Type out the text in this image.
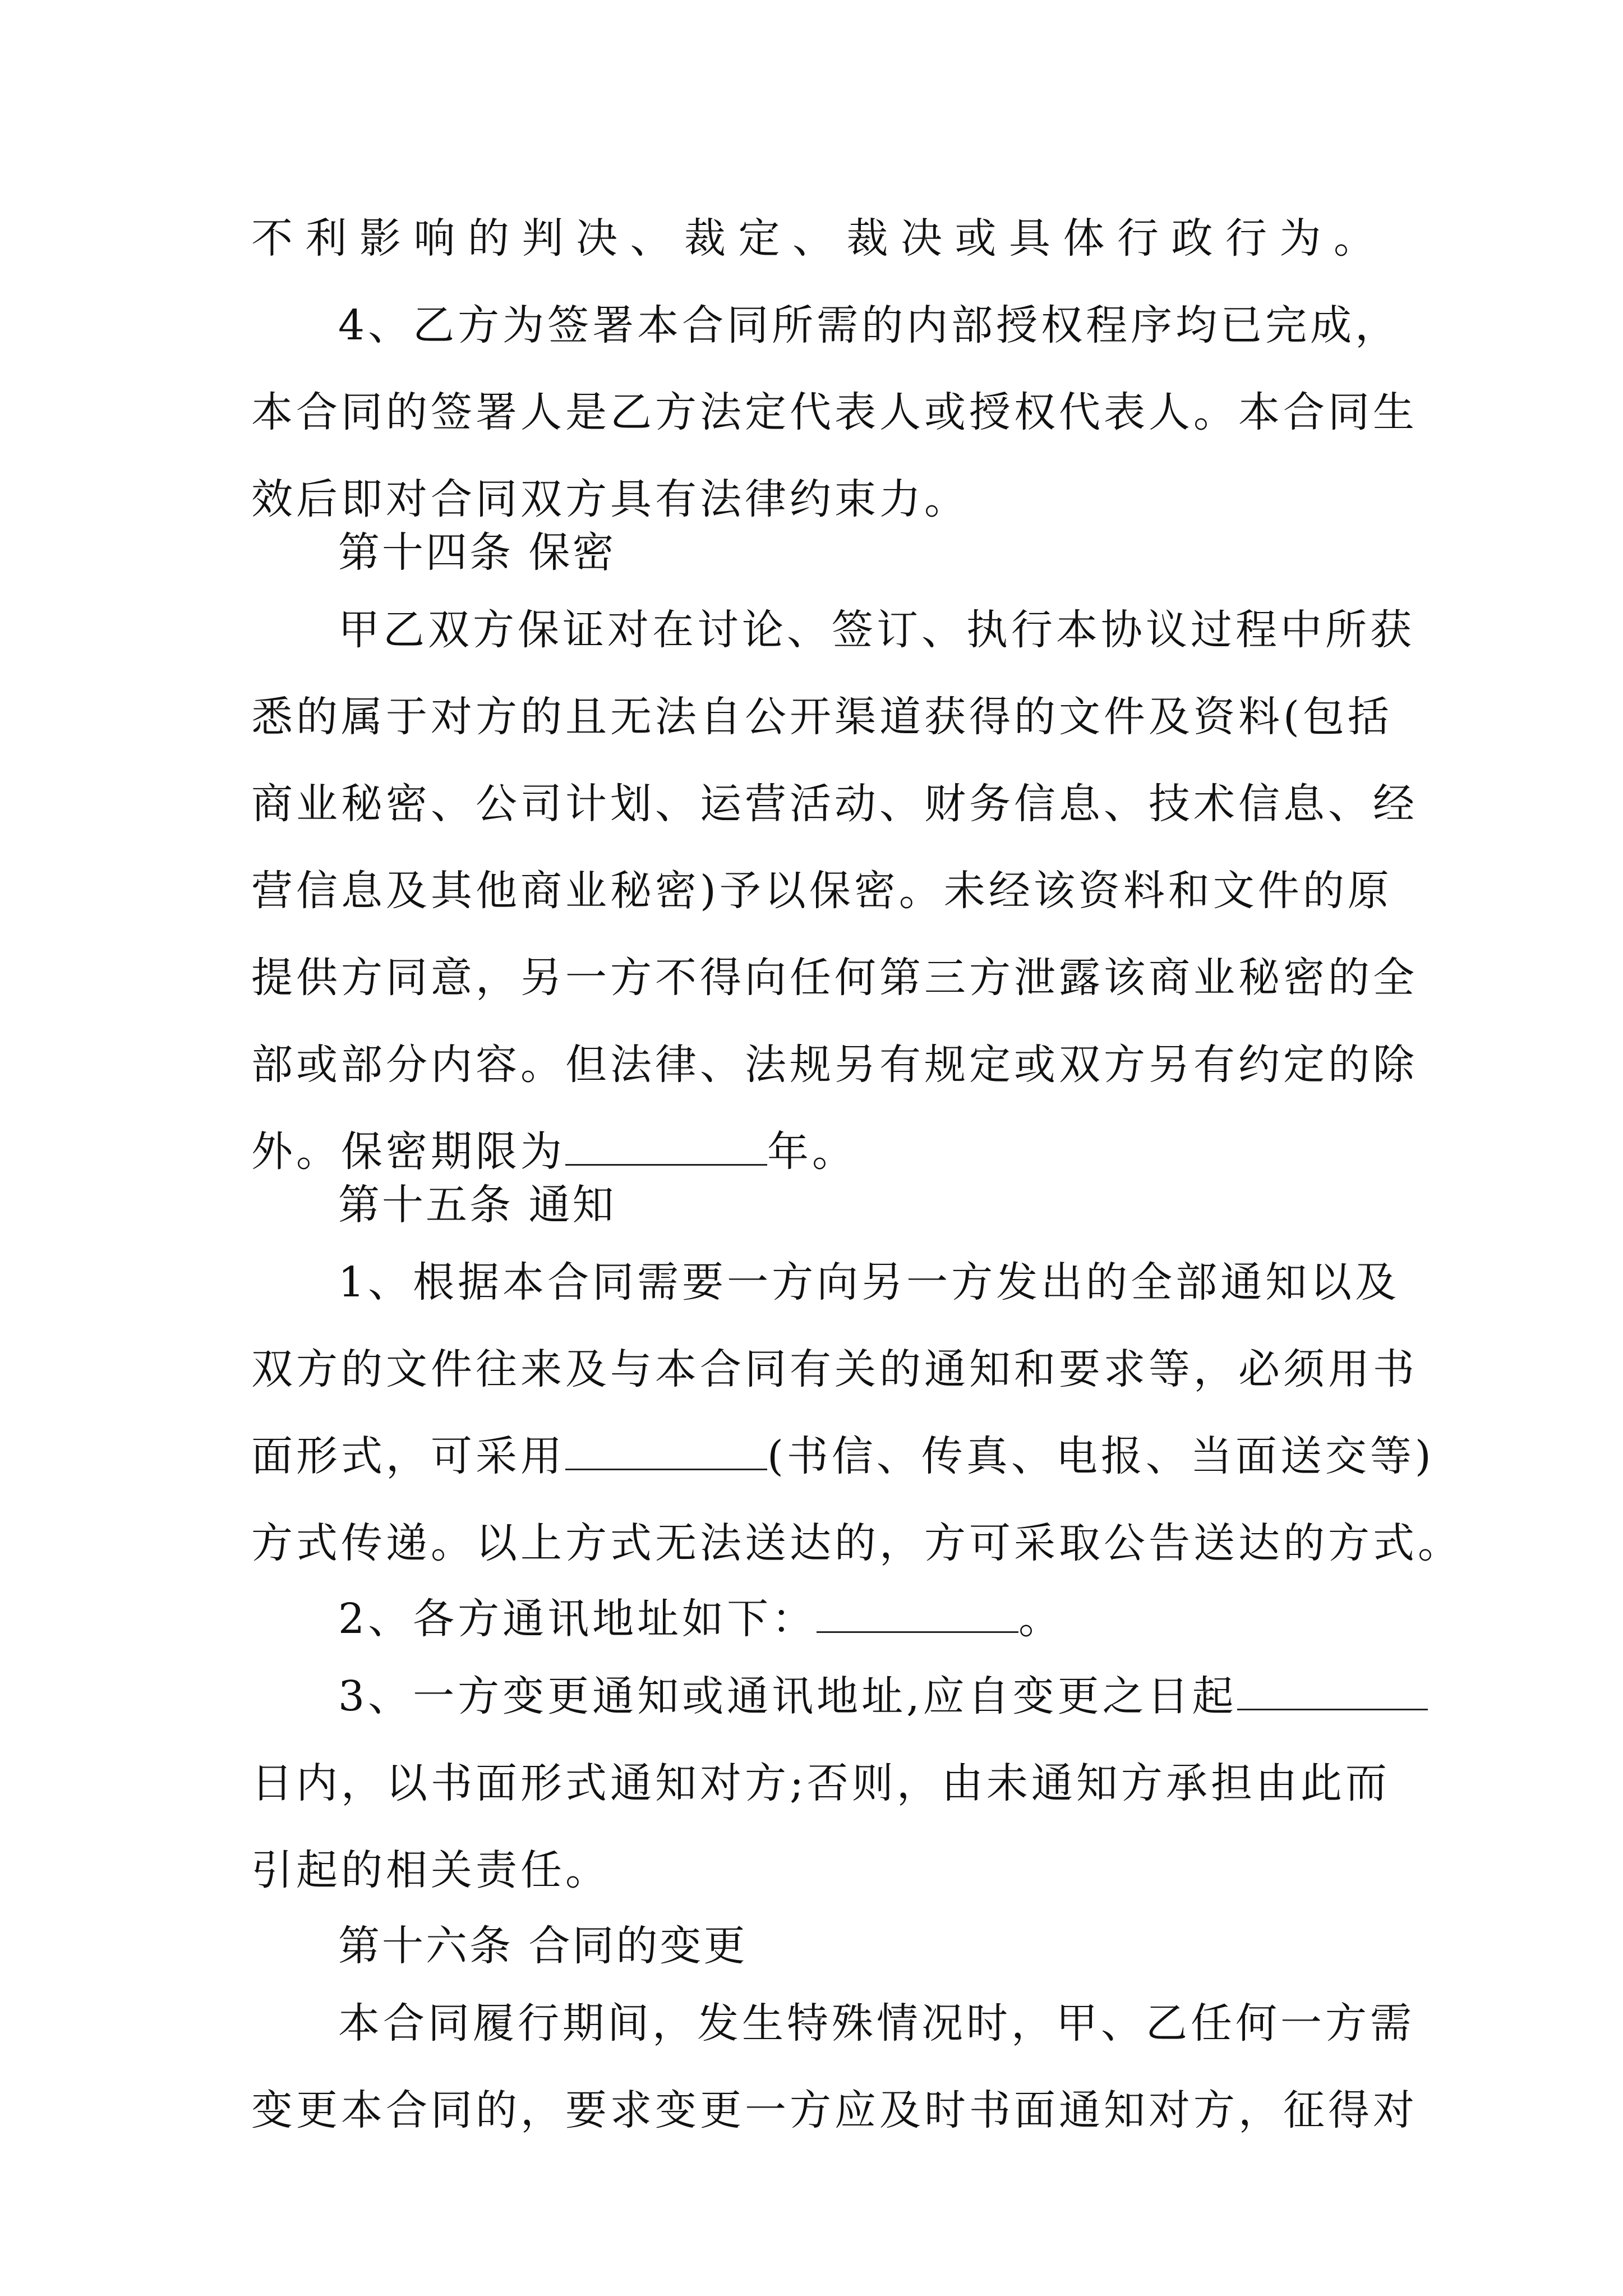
不利影响的判决、裁定、裁决或具体行政行为。
4、乙方为签署本合同所需的内部授权程序均已完成，
本合同的签署人是乙方法定代表人或授权代表人。本合同生
效后即对合同双方具有法律约束力。
第十四条 保密
甲乙双方保证对在讨论、签订、执行本协议过程中所获
悉的属于对方的且无法自公开渠道获得的文件及资料(包括
商业秘密、公司计划、运营活动、财务信息、技术信息、经
营信息及其他商业秘密)予以保密。未经该资料和文件的原
提供方同意，另一方不得向任何第三方泄露该商业秘密的全
部或部分内容。但法律、法规另有规定或双方另有约定的除
外。保密期限为	年。
第十五条 通知
1、根据本合同需要一方向另一方发出的全部通知以及
双方的文件往来及与本合同有关的通知和要求等，必须用书
面形式，可采用	(书信、传真、电报、当面送交等)
方式传递。以上方式无法送达的，方可采取公告送达的方式。
2、各方通讯地址如下：	。
3、一方变更通知或通讯地址,应自变更之日起
日内，以书面形式通知对方;否则，由未通知方承担由此而
引起的相关责任。
第十六条 合同的变更
本合同履行期间，发生特殊情况时，甲、乙任何一方需
变更本合同的，要求变更一方应及时书面通知对方，征得对
